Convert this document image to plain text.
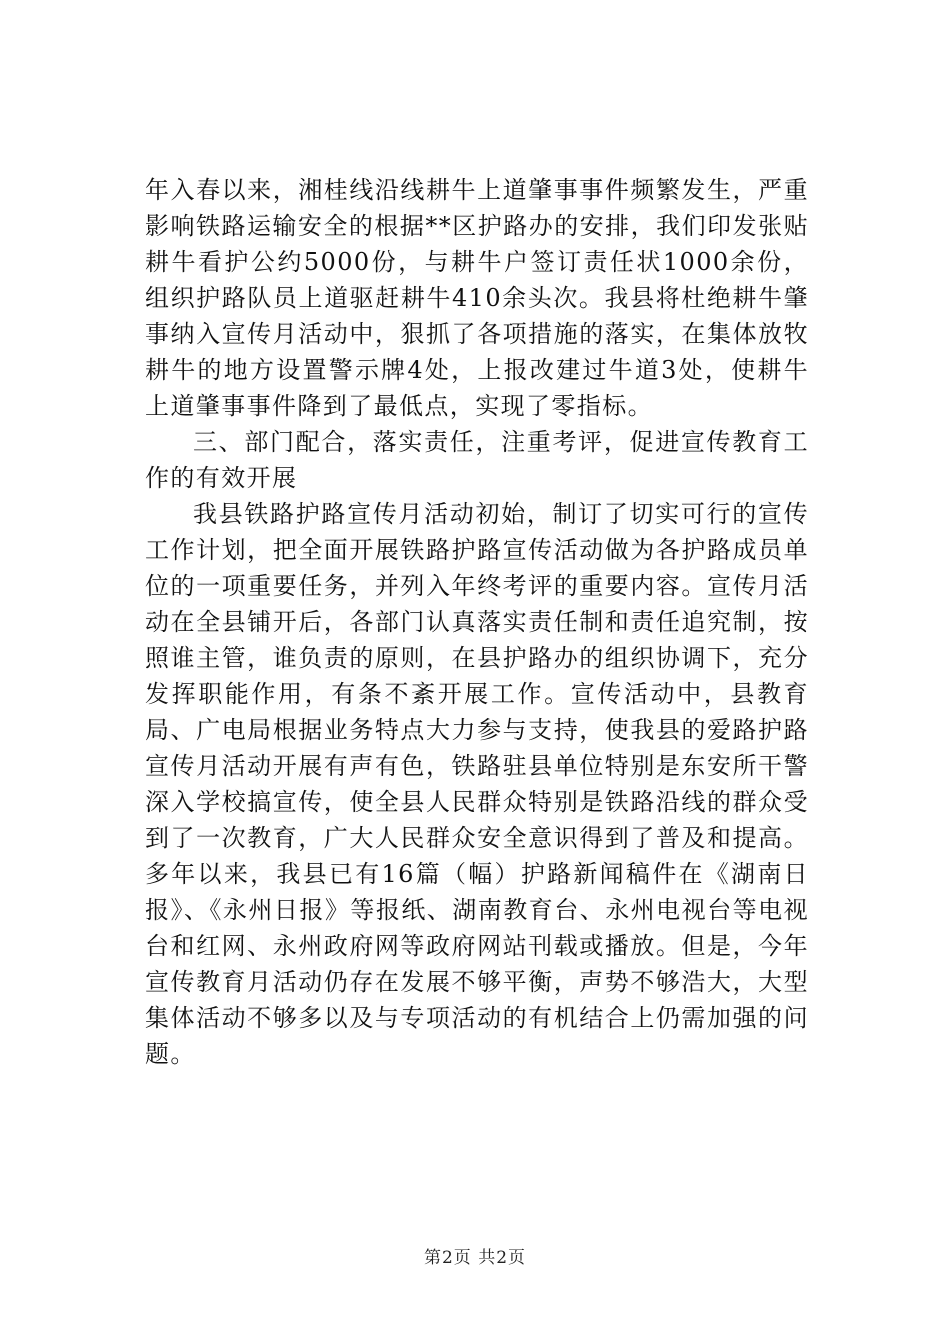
年入春以来，湘桂线沿线耕牛上道肇事事件频繁发生，严重影响铁路运输安全的根据**区护路办的安排，我们印发张贴耕牛看护公约5000份，与耕牛户签订责任状1000余份，组织护路队员上道驱赶耕牛410余头次。我县将杜绝耕牛肇事纳入宣传月活动中，狠抓了各项措施的落实，在集体放牧耕牛的地方设置警示牌4处，上报改建过牛道3处，使耕牛上道肇事事件降到了最低点，实现了零指标。

三、部门配合，落实责任，注重考评，促进宣传教育工作的有效开展

我县铁路护路宣传月活动初始，制订了切实可行的宣传工作计划，把全面开展铁路护路宣传活动做为各护路成员单位的一项重要任务，并列入年终考评的重要内容。宣传月活动在全县铺开后，各部门认真落实责任制和责任追究制，按照谁主管，谁负责的原则，在县护路办的组织协调下，充分发挥职能作用，有条不紊开展工作。宣传活动中，县教育局、广电局根据业务特点大力参与支持，使我县的爱路护路宣传月活动开展有声有色，铁路驻县单位特别是东安所干警深入学校搞宣传，使全县人民群众特别是铁路沿线的群众受到了一次教育，广大人民群众安全意识得到了普及和提高。多年以来，我县已有16篇（幅）护路新闻稿件在《湖南日报》、《永州日报》等报纸、湖南教育台、永州电视台等电视台和红网、永州政府网等政府网站刊载或播放。但是，今年宣传教育月活动仍存在发展不够平衡，声势不够浩大，大型集体活动不够多以及与专项活动的有机结合上仍需加强的问题。

第2页 共2页
